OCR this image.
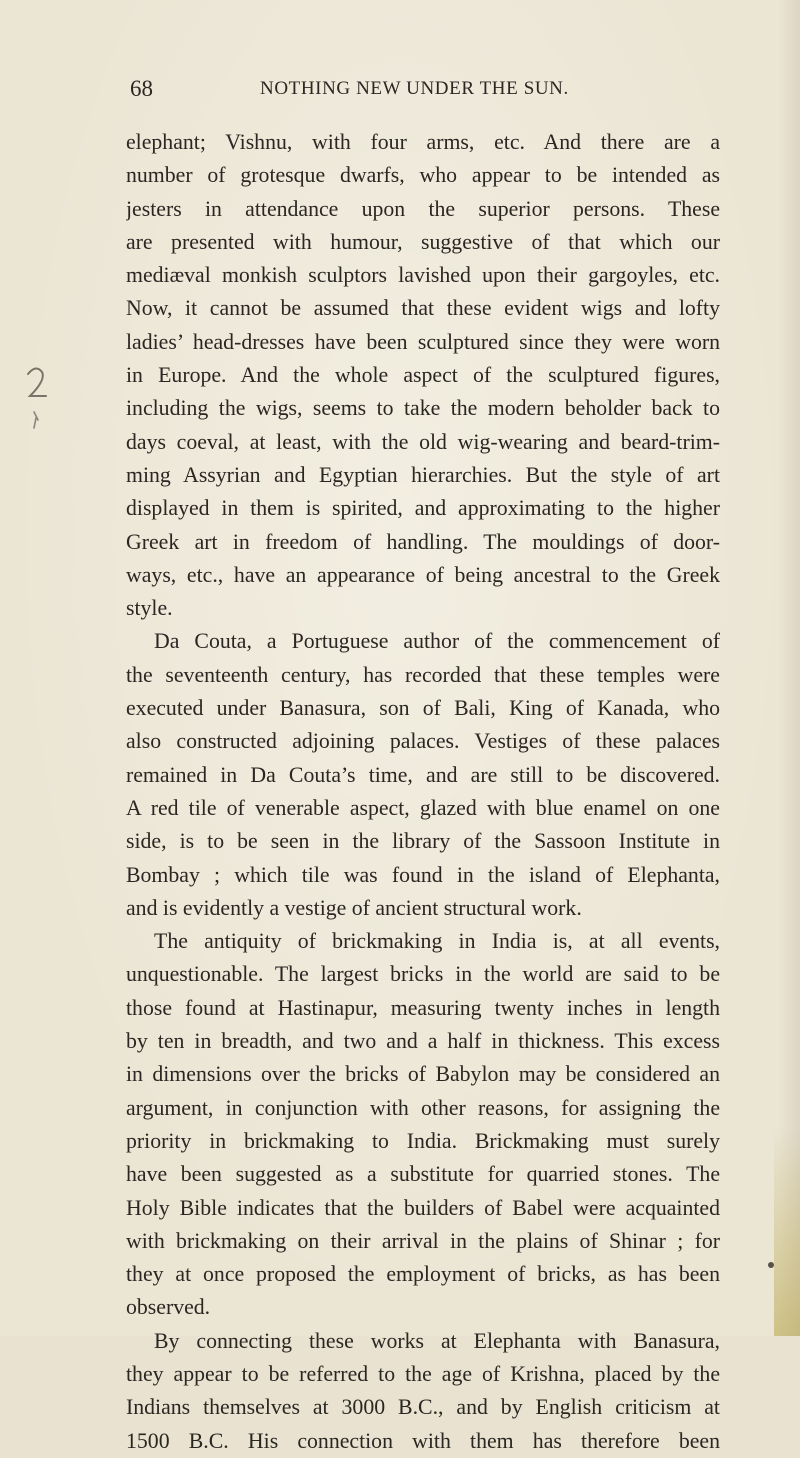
68	NOTHING NEW UNDER THE SUN.
elephant; Vishnu, with four arms, etc. And there are a
number of grotesque dwarfs, who appear to be intended as
jesters in attendance upon the superior persons. These
are presented with humour, suggestive of that which our
mediæval monkish sculptors lavished upon their gargoyles, etc.
Now, it cannot be assumed that these evident wigs and lofty
ladies’ head-dresses have been sculptured since they were worn
in Europe. And the whole aspect of the sculptured figures,
including the wigs, seems to take the modern beholder back to
days coeval, at least, with the old wig-wearing and beard-trim-
ming Assyrian and Egyptian hierarchies. But the style of art
displayed in them is spirited, and approximating to the higher
Greek art in freedom of handling. The mouldings of door-
ways, etc., have an appearance of being ancestral to the Greek
style.
Da Couta, a Portuguese author of the commencement of
the seventeenth century, has recorded that these temples were
executed under Banasura, son of Bali, King of Kanada, who
also constructed adjoining palaces. Vestiges of these palaces
remained in Da Couta’s time, and are still to be discovered.
A red tile of venerable aspect, glazed with blue enamel on one
side, is to be seen in the library of the Sassoon Institute in
Bombay ; which tile was found in the island of Elephanta,
and is evidently a vestige of ancient structural work.
The antiquity of brickmaking in India is, at all events,
unquestionable. The largest bricks in the world are said to be
those found at Hastinapur, measuring twenty inches in length
by ten in breadth, and two and a half in thickness. This excess
in dimensions over the bricks of Babylon may be considered an
argument, in conjunction with other reasons, for assigning the
priority in brickmaking to India. Brickmaking must surely
have been suggested as a substitute for quarried stones. The
Holy Bible indicates that the builders of Babel were acquainted
with brickmaking on their arrival in the plains of Shinar ; for
they at once proposed the employment of bricks, as has been
observed.
By connecting these works at Elephanta with Banasura,
they appear to be referred to the age of Krishna, placed by the
Indians themselves at 3000 B.C., and by English criticism at
1500 B.C. His connection with them has therefore been
